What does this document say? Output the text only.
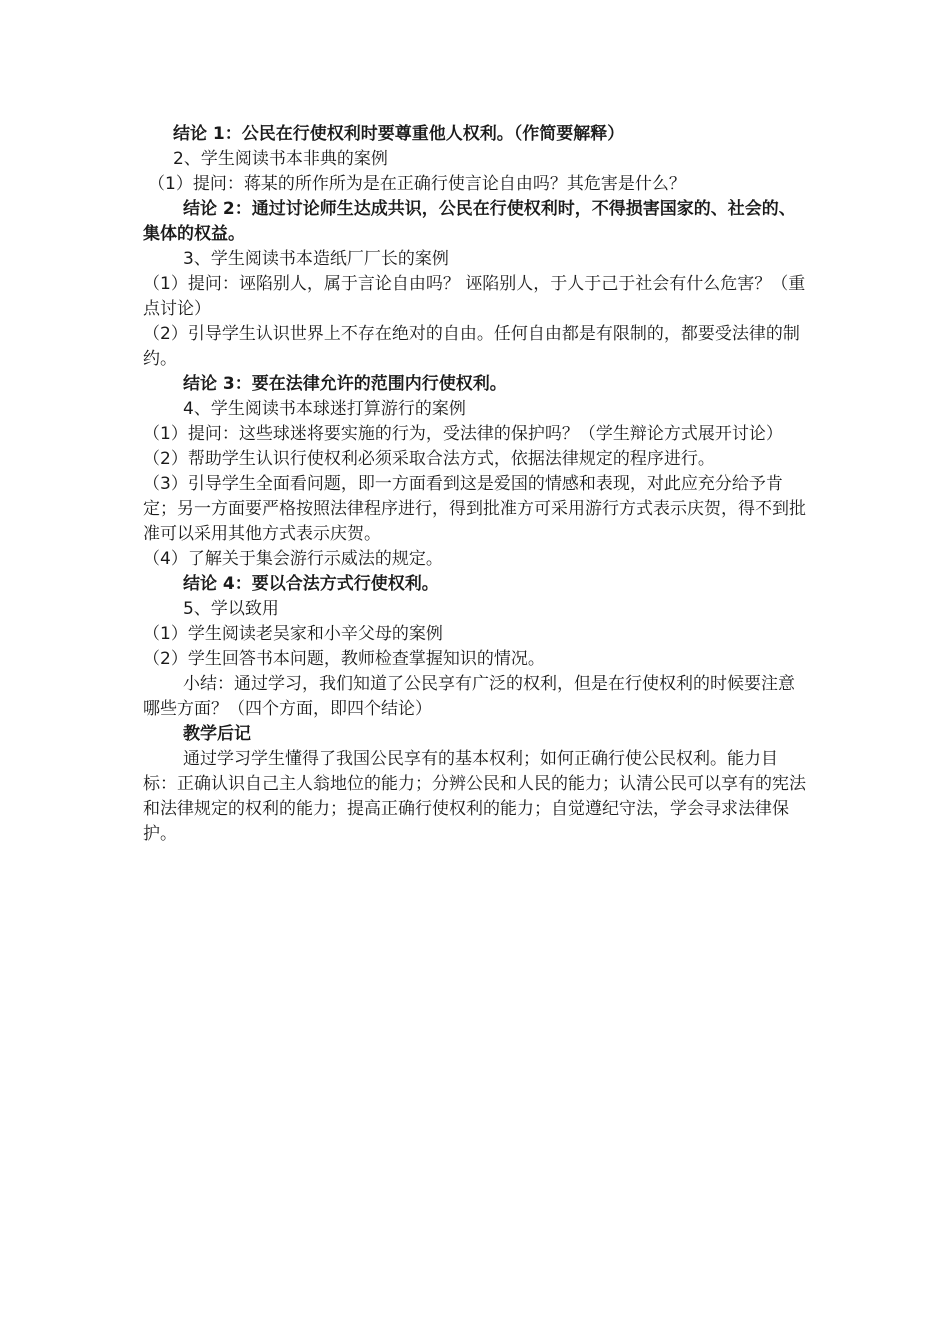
结论 1：公民在行使权利时要尊重他人权利。（作简要解释）

2、学生阅读书本非典的案例

（1）提问：蒋某的所作所为是在正确行使言论自由吗？其危害是什么？

结论 2：通过讨论师生达成共识，公民在行使权利时，不得损害国家的、社会的、集体的权益。

3、学生阅读书本造纸厂厂长的案例

（1）提问：诬陷别人，属于言论自由吗？ 诬陷别人，于人于己于社会有什么危害？（重点讨论）

（2）引导学生认识世界上不存在绝对的自由。任何自由都是有限制的，都要受法律的制约。

结论 3：要在法律允许的范围内行使权利。

4、学生阅读书本球迷打算游行的案例

（1）提问：这些球迷将要实施的行为，受法律的保护吗？（学生辩论方式展开讨论）

（2）帮助学生认识行使权利必须采取合法方式，依据法律规定的程序进行。

（3）引导学生全面看问题，即一方面看到这是爱国的情感和表现，对此应充分给予肯定；另一方面要严格按照法律程序进行，得到批准方可采用游行方式表示庆贺，得不到批准可以采用其他方式表示庆贺。

（4）了解关于集会游行示威法的规定。

结论 4：要以合法方式行使权利。

5、学以致用

（1）学生阅读老吴家和小辛父母的案例

（2）学生回答书本问题，教师检查掌握知识的情况。

小结：通过学习，我们知道了公民享有广泛的权利，但是在行使权利的时候要注意哪些方面？（四个方面，即四个结论）

教学后记

通过学习学生懂得了我国公民享有的基本权利；如何正确行使公民权利。能力目标：正确认识自己主人翁地位的能力；分辨公民和人民的能力；认清公民可以享有的宪法和法律规定的权利的能力；提高正确行使权利的能力；自觉遵纪守法，学会寻求法律保护。
